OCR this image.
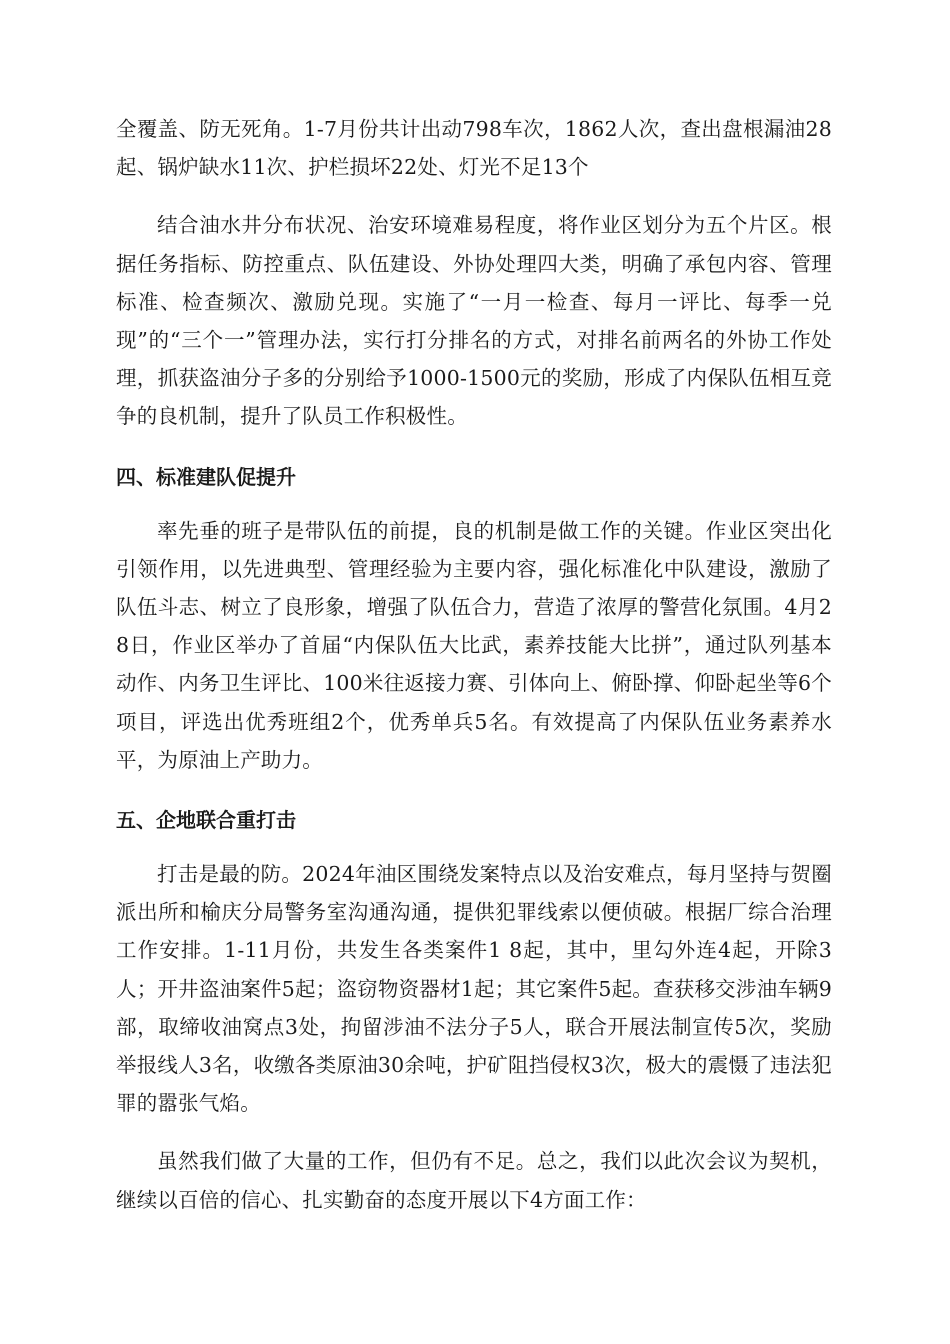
全覆盖、防无死角。1-7月份共计出动798车次，1862人次，查出盘根漏油28起、锅炉缺水11次、护栏损坏22处、灯光不足13个

结合油水井分布状况、治安环境难易程度，将作业区划分为五个片区。根据任务指标、防控重点、队伍建设、外协处理四大类，明确了承包内容、管理标准、检查频次、激励兑现。实施了“一月一检查、每月一评比、每季一兑现”的“三个一”管理办法，实行打分排名的方式，对排名前两名的外协工作处理，抓获盗油分子多的分别给予1000-1500元的奖励，形成了内保队伍相互竞争的良机制，提升了队员工作积极性。

四、标准建队促提升

率先垂的班子是带队伍的前提，良的机制是做工作的关键。作业区突出化引领作用，以先进典型、管理经验为主要内容，强化标准化中队建设，激励了队伍斗志、树立了良形象，增强了队伍合力，营造了浓厚的警营化氛围。4月28日，作业区举办了首届“内保队伍大比武，素养技能大比拼”，通过队列基本动作、内务卫生评比、100米往返接力赛、引体向上、俯卧撑、仰卧起坐等6个项目，评选出优秀班组2个，优秀单兵5名。有效提高了内保队伍业务素养水平，为原油上产助力。

五、企地联合重打击

打击是最的防。2024年油区围绕发案特点以及治安难点，每月坚持与贺圈派出所和榆庆分局警务室沟通沟通，提供犯罪线索以便侦破。根据厂综合治理工作安排。1-11月份，共发生各类案件1 8起，其中，里勾外连4起，开除3人；开井盗油案件5起；盗窃物资器材1起；其它案件5起。查获移交涉油车辆9部，取缔收油窝点3处，拘留涉油不法分子5人，联合开展法制宣传5次，奖励举报线人3名，收缴各类原油30余吨，护矿阻挡侵权3次，极大的震慑了违法犯罪的嚣张气焰。

虽然我们做了大量的工作，但仍有不足。总之，我们以此次会议为契机，继续以百倍的信心、扎实勤奋的态度开展以下4方面工作：
